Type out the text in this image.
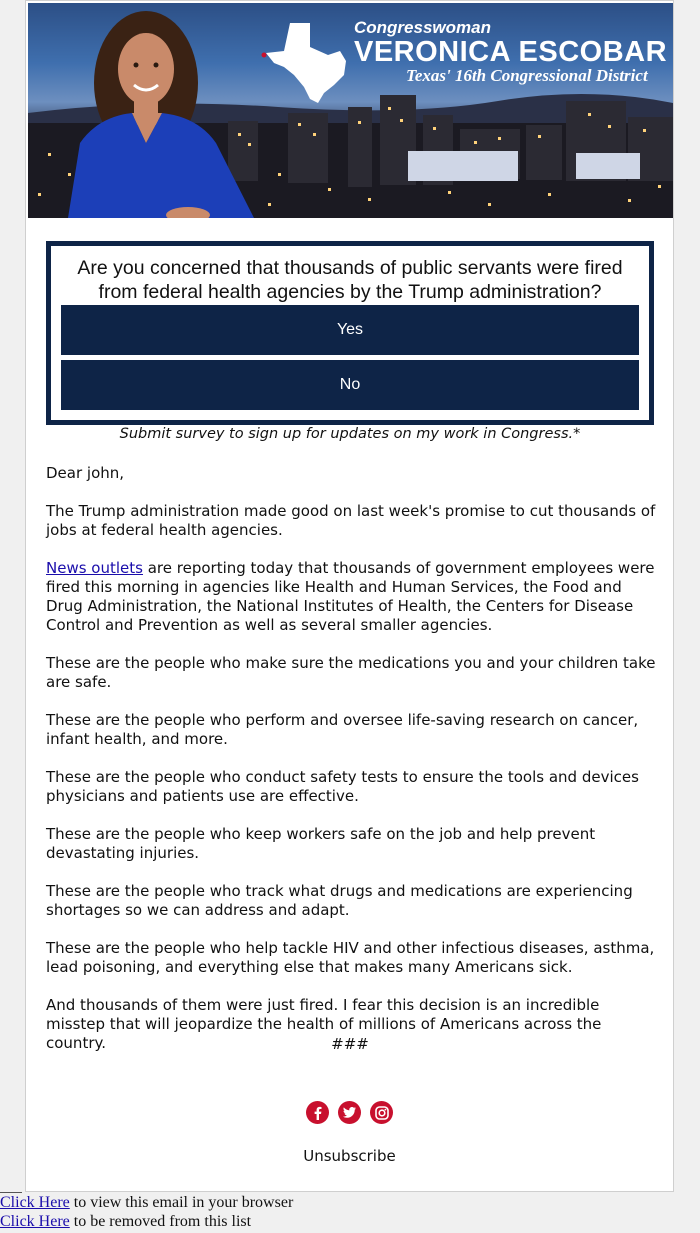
Congresswoman
VERONICA ESCOBAR
Texas' 16th Congressional District
Are you concerned that thousands of public servants were fired from federal health agencies by the Trump administration?
Yes
No
Submit survey to sign up for updates on my work in Congress.*

Dear john,

The Trump administration made good on last week's promise to cut thousands of jobs at federal health agencies.

News outlets are reporting today that thousands of government employees were fired this morning in agencies like Health and Human Services, the Food and Drug Administration, the National Institutes of Health, the Centers for Disease Control and Prevention as well as several smaller agencies.

These are the people who make sure the medications you and your children take are safe.

These are the people who perform and oversee life-saving research on cancer, infant health, and more.

These are the people who conduct safety tests to ensure the tools and devices physicians and patients use are effective.

These are the people who keep workers safe on the job and help prevent devastating injuries.

These are the people who track what drugs and medications are experiencing shortages so we can address and adapt.

These are the people who help tackle HIV and other infectious diseases, asthma, lead poisoning, and everything else that makes many Americans sick.

And thousands of them were just fired. I fear this decision is an incredible misstep that will jeopardize the health of millions of Americans across the country.	###
Unsubscribe
Click Here to view this email in your browser
Click Here to be removed from this list
